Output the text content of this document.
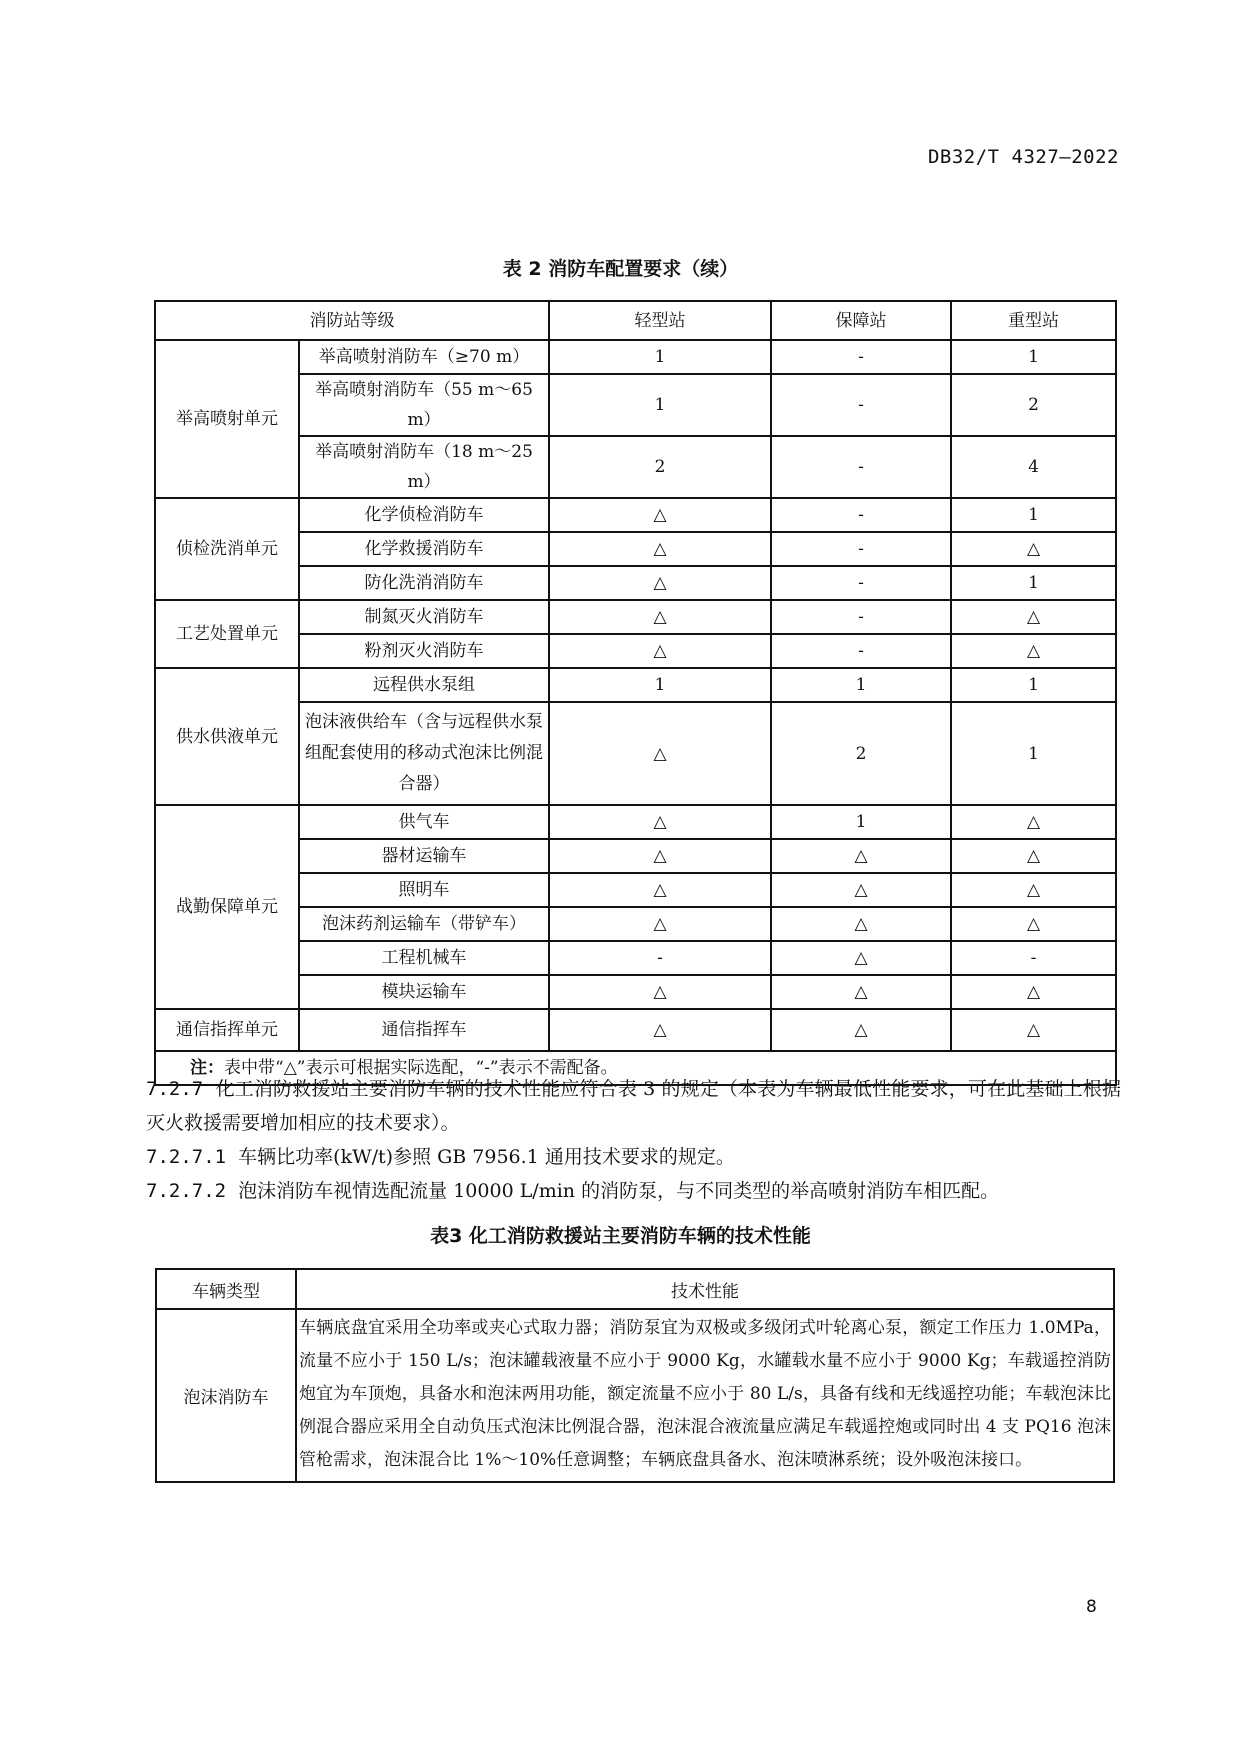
DB32/T 4327—2022
表 2 消防车配置要求（续）
消防站等级		轻型站	保障站	重型站
举高喷射单元	举高喷射消防车（≥70 m）	1	-	1
	举高喷射消防车（55 m～65 m）	1	-	2
	举高喷射消防车（18 m～25 m）	2	-	4
侦检洗消单元	化学侦检消防车	△	-	1
	化学救援消防车	△	-	△
	防化洗消消防车	△	-	1
工艺处置单元	制氮灭火消防车	△	-	△
	粉剂灭火消防车	△	-	△
供水供液单元	远程供水泵组	1	1	1
	泡沫液供给车（含与远程供水泵组配套使用的移动式泡沫比例混合器）	△	2	1
战勤保障单元	供气车	△	1	△
	器材运输车	△	△	△
	照明车	△	△	△
	泡沫药剂运输车（带铲车）	△	△	△
	工程机械车	-	△	-
	模块运输车	△	△	△
通信指挥单元	通信指挥车	△	△	△
注：表中带“△”表示可根据实际选配，“-”表示不需配备。				
7.2.7 化工消防救援站主要消防车辆的技术性能应符合表 3 的规定（本表为车辆最低性能要求，可在此基础上根据灭火救援需要增加相应的技术要求）。
7.2.7.1 车辆比功率(kW/t)参照 GB 7956.1 通用技术要求的规定。
7.2.7.2 泡沫消防车视情选配流量 10000 L/min 的消防泵，与不同类型的举高喷射消防车相匹配。
表3 化工消防救援站主要消防车辆的技术性能
车辆类型	技术性能
泡沫消防车	车辆底盘宜采用全功率或夹心式取力器；消防泵宜为双极或多级闭式叶轮离心泵，额定工作压力 1.0MPa，流量不应小于 150 L/s；泡沫罐载液量不应小于 9000 Kg，水罐载水量不应小于 9000 Kg；车载遥控消防炮宜为车顶炮，具备水和泡沫两用功能，额定流量不应小于 80 L/s，具备有线和无线遥控功能；车载泡沫比例混合器应采用全自动负压式泡沫比例混合器，泡沫混合液流量应满足车载遥控炮或同时出 4 支 PQ16 泡沫管枪需求，泡沫混合比 1%～10%任意调整；车辆底盘具备水、泡沫喷淋系统；设外吸泡沫接口。
8
